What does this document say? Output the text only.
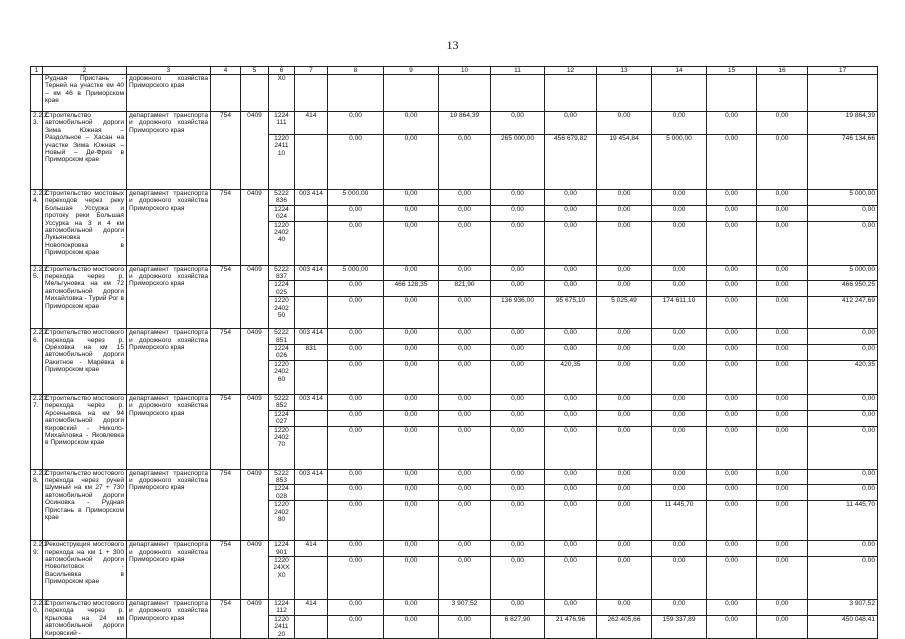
13
1	2	3	4	5	6	7	8	9	10	11	12	13	14	15	16	17
	Рудная Пристань - Терней на участке км 40 – км 46 в Приморском крае	дорожного хозяйства Приморского края			Х0											
2.2.2 3.	Строительство автомобильной дороги Зима Южная – Раздольное – Хасан на участке Зима Южная – Новый – Де-Фриз в Приморском крае	департамент транспорта и дорожного хозяйства Приморского края	754	0409	1224 111	414	0,00	0,00	19 864,39	0,00	0,00	0,00	0,00	0,00	0,00	19 864,39
					1220 2411 10		0,00	0,00	0,00	265 000,00	456 679,82	19 454,84	5 000,00	0,00	0,00	746 134,66
2.2.2 4.	Строительство мостовых переходов через реку Большая Уссурка и протоку реки Большая Уссурка на 3 и 4 км автомобильной дороги Лукьяновка - Новопокровка в Приморском крае	департамент транспорта и дорожного хозяйства Приморского края	754	0409	5222 836	003 414	5 000,00	0,00	0,00	0,00	0,00	0,00	0,00	0,00	0,00	5 000,00
					1224 024		0,00	0,00	0,00	0,00	0,00	0,00	0,00	0,00	0,00	0,00
					1220 2402 40		0,00	0,00	0,00	0,00	0,00	0,00	0,00	0,00	0,00	0,00
2.2.2 5.	Строительство мостового перехода через р. Мельгуновка на км 72 автомобильной дороги Михайловка - Турий Рог в Приморском крае	департамент транспорта и дорожного хозяйства Приморского края	754	0409	5222 837	003 414	5 000,00	0,00	0,00	0,00	0,00	0,00	0,00	0,00	0,00	5 000,00
					1224 025		0,00	466 128,35	821,90	0,00	0,00	0,00	0,00	0,00	0,00	466 950,25
					1220 2402 50		0,00	0,00	0,00	136 936,00	95 675,10	5 025,49	174 611,10	0,00	0,00	412 247,69
2.2.2 6.	Строительство мостового перехода через р. Орéховка на км 15 автомобильной дороги Ракитное - Марёвка в Приморском крае	департамент транспорта и дорожного хозяйства Приморского края	754	0409	5222 851	003 414	0,00	0,00	0,00	0,00	0,00	0,00	0,00	0,00	0,00	0,00
					1224 026	831	0,00	0,00	0,00	0,00	0,00	0,00	0,00	0,00	0,00	0,00
					1220 2402 60		0,00	0,00	0,00	0,00	420,35	0,00	0,00	0,00	0,00	420,35
2.2.2 7.	Строительство мостового перехода через р. Арсеньевка на км 94 автомобильной дороги Кировский - Николо-Михайловка - Яковлевка в Приморском крае	департамент транспорта и дорожного хозяйства Приморского края	754	0409	5222 852	003 414	0,00	0,00	0,00	0,00	0,00	0,00	0,00	0,00	0,00	0,00
					1224 027		0,00	0,00	0,00	0,00	0,00	0,00	0,00	0,00	0,00	0,00
					1220 2402 70		0,00	0,00	0,00	0,00	0,00	0,00	0,00	0,00	0,00	0,00
2.2.2 8.	Строительство мостового перехода через ручей Шумный на км 27 + 730 автомобильной дороги Осиновка - Рудная Пристань в Приморском крае	департамент транспорта и дорожного хозяйства Приморского края	754	0409	5222 853	003 414	0,00	0,00	0,00	0,00	0,00	0,00	0,00	0,00	0,00	0,00
					1224 028		0,00	0,00	0,00	0,00	0,00	0,00	0,00	0,00	0,00	0,00
					1220 2402 80		0,00	0,00	0,00	0,00	0,00	0,00	11 445,70	0,00	0,00	11 445,70
2.2.2 9.	Реконструкция мостового перехода на км 1 + 300 автомобильной дороги Новопитовск - Васильевка в Приморском крае	департамент транспорта и дорожного хозяйства Приморского края	754	0409	1224 901	414	0,00	0,00	0,00	0,00	0,00	0,00	0,00	0,00	0,00	0,00
					1220 24ХХ Х0		0,00	0,00	0,00	0,00	0,00	0,00	0,00	0,00	0,00	0,00
2.2.3 0.	Строительство мостового перехода через р. Крылова на 24 км автомобильной дороги Кировский -	департамент транспорта и дорожного хозяйства Приморского края	754	0409	1224 112	414	0,00	0,00	3 907,52	0,00	0,00	0,00	0,00	0,00	0,00	3 907,52
					1220 2411 20		0,00	0,00	0,00	6 827,90	21 476,96	262 405,66	159 337,89	0,00	0,00	450 048,41
